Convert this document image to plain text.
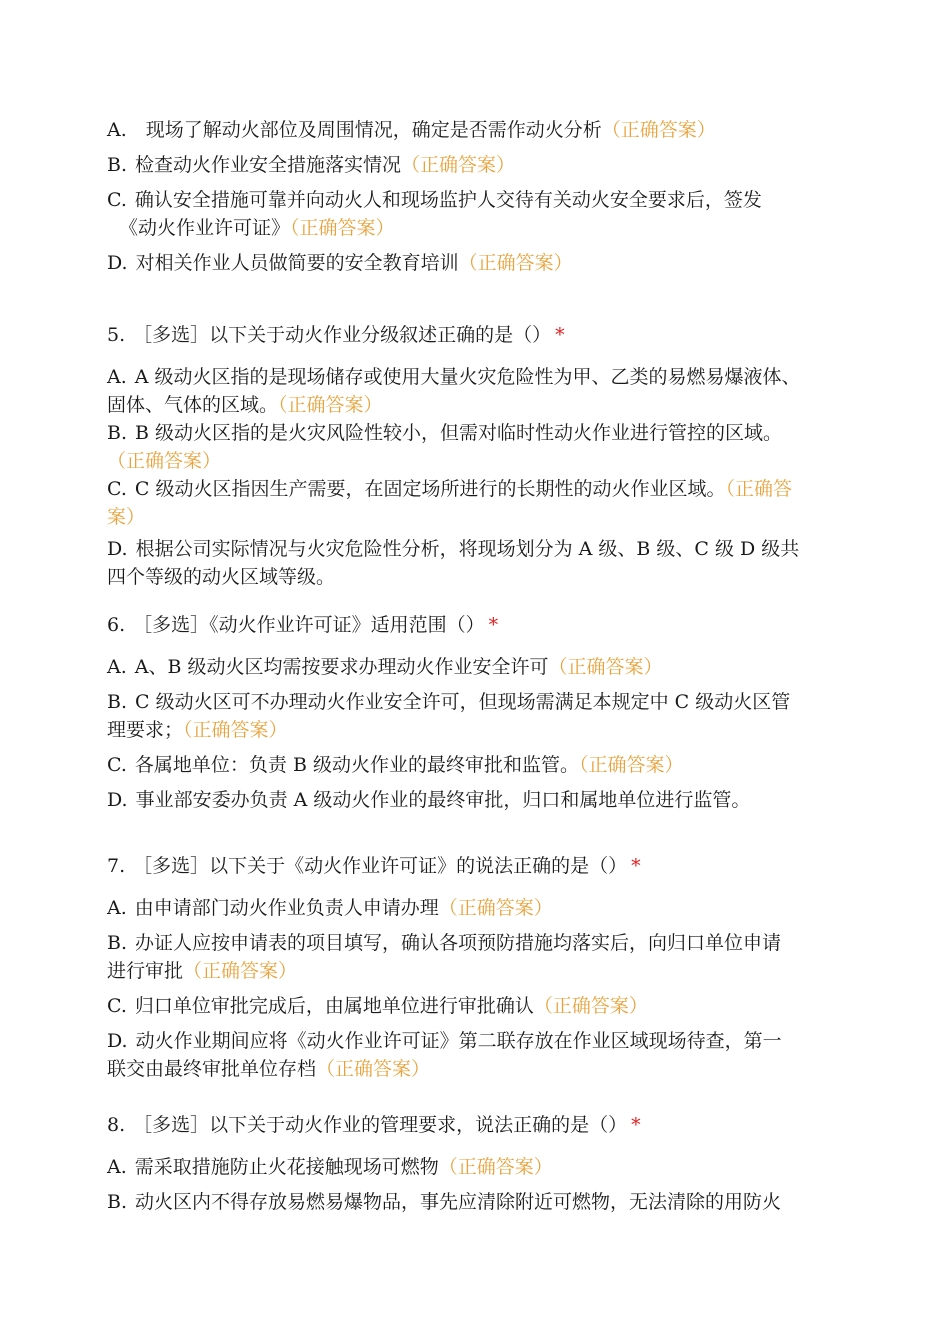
A.　现场了解动火部位及周围情况，确定是否需作动火分析（正确答案）

B. 检查动火作业安全措施落实情况（正确答案）

C. 确认安全措施可靠并向动火人和现场监护人交待有关动火安全要求后，签发

《动火作业许可证》（正确答案）

D. 对相关作业人员做简要的安全教育培训（正确答案）

5. ［多选］以下关于动火作业分级叙述正确的是（） *

A. A 级动火区指的是现场储存或使用大量火灾危险性为甲、乙类的易燃易爆液体、

固体、气体的区域。（正确答案）

B. B 级动火区指的是火灾风险性较小，但需对临时性动火作业进行管控的区域。

（正确答案）

C. C 级动火区指因生产需要，在固定场所进行的长期性的动火作业区域。（正确答

案）

D. 根据公司实际情况与火灾危险性分析，将现场划分为 A 级、B 级、C 级 D 级共

四个等级的动火区域等级。

6. ［多选］《动火作业许可证》适用范围（） *

A. A、B 级动火区均需按要求办理动火作业安全许可（正确答案）

B. C 级动火区可不办理动火作业安全许可，但现场需满足本规定中 C 级动火区管

理要求；（正确答案）

C. 各属地单位：负责 B 级动火作业的最终审批和监管。（正确答案）

D. 事业部安委办负责 A 级动火作业的最终审批，归口和属地单位进行监管。

7. ［多选］以下关于《动火作业许可证》的说法正确的是（） *

A. 由申请部门动火作业负责人申请办理（正确答案）

B. 办证人应按申请表的项目填写，确认各项预防措施均落实后，向归口单位申请

进行审批（正确答案）

C. 归口单位审批完成后，由属地单位进行审批确认（正确答案）

D. 动火作业期间应将《动火作业许可证》第二联存放在作业区域现场待查，第一

联交由最终审批单位存档（正确答案）

8. ［多选］以下关于动火作业的管理要求，说法正确的是（） *

A. 需采取措施防止火花接触现场可燃物（正确答案）

B. 动火区内不得存放易燃易爆物品，事先应清除附近可燃物，无法清除的用防火
